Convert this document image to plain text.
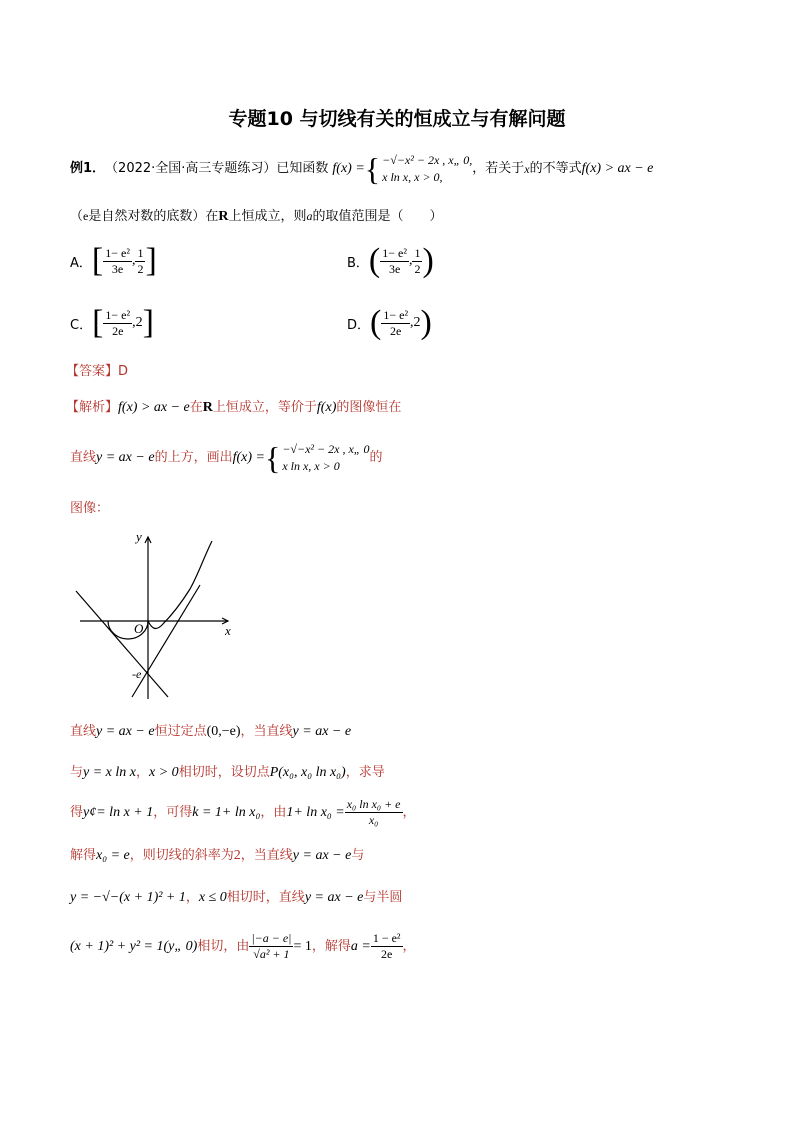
专题10 与切线有关的恒成立与有解问题
例1． （2022·全国·高三专题练习）已知函数 f(x) = { −√−x² − 2x , x„ 0,
x ln x, x > 0,
，若关于 x 的不等式 f(x) > ax − e
（e是自然对数的底数）在R上恒成立，则a的取值范围是（　　）
A． [ $\frac{\text{1− e²}}{3e}$ , $\frac{1}{2}$ ]	B． ( $\frac{\text{1− e²}}{3e}$ , $\frac{1}{2}$ )
C． [ $\frac{\text{1− e²}}{2e}$ , 2 ]	D． ( $\frac{\text{1− e²}}{2e}$ , 2 )
【答案】D
【解析】f(x) > ax − e在R上恒成立，等价于f(x)的图像恒在
直线 y = ax − e 的上方，画出 f(x) = { −√−x² − 2x , x„ 0
x ln x, x > 0
的
图像：
y
x
O
-e
直线y = ax − e恒过定点(0,−e)，当直线y = ax − e
与y = x ln x，x > 0相切时，设切点P(x₀, x₀ ln x₀)，求导
得 y¢= ln x + 1 ，可得 k = 1+ ln x₀ ，由 $1+ \ln x_0 = \frac{\text{x₀ ln x₀ + e}}{\text{x₀}}$ ，
解得x₀ = e，则切线的斜率为2，当直线y = ax − e与
y = −√−(x + 1)² + 1，x ≤ 0相切时，直线y = ax − e与半圆
(x + 1)² + y² = 1(y„ 0) 相切，由 $\frac{|-a - e|}{\text{√a² + 1}} = 1$ ，解得 $a = \frac{\text{1 − e²}}{2e}$ ，
